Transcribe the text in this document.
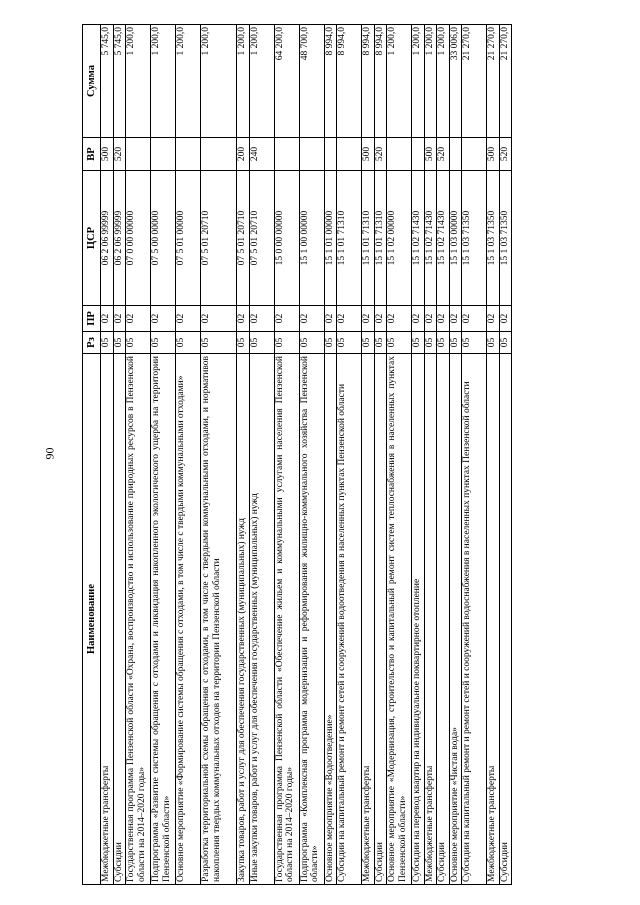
90
Наименование	Рз	ПР	ЦСР	ВР	Сумма
Межбюджетные трансферты	05	02	06 2 06 99999	500	5 745,0
Субсидии	05	02	06 2 06 99999	520	5 745,0
Государственная программа Пензенской области «Охрана, воспроизводство и использование природных ресурсов в Пензенской области на 2014–2020 годы»	05	02	07 0 00 00000		1 200,0
Подпрограмма «Развитие системы обращения с отходами и ликвидация накопленного экологического ущерба на территории Пензенской области»	05	02	07 5 00 00000		1 200,0
Основное мероприятие «Формирование системы обращения с отходами, в том числе с твердыми коммунальными отходами»	05	02	07 5 01 00000		1 200,0
Разработка территориальной схемы обращения с отходами, в том числе с твердыми коммунальными отходами, и нормативов накопления твердых коммунальных отходов на территории Пензенской области	05	02	07 5 01 20710		1 200,0
Закупка товаров, работ и услуг для обеспечения государственных (муниципальных) нужд	05	02	07 5 01 20710	200	1 200,0
Иные закупки товаров, работ и услуг для обеспечения государственных (муниципальных) нужд	05	02	07 5 01 20710	240	1 200,0
Государственная программа Пензенской области «Обеспечение жильем и коммунальными услугами населения Пензенской области на 2014–2020 годы»	05	02	15 0 00 00000		64 200,0
Подпрограмма «Комплексная программа модернизации и реформирования жилищно-коммунального хозяйства Пензенской области»	05	02	15 1 00 00000		48 700,0
Основное мероприятие «Водоотведение»	05	02	15 1 01 00000		8 994,0
Субсидии на капитальный ремонт и ремонт сетей и сооружений водоотведения в населенных пунктах Пензенской области	05	02	15 1 01 71310		8 994,0
Межбюджетные трансферты	05	02	15 1 01 71310	500	8 994,0
Субсидии	05	02	15 1 01 71310	520	8 994,0
Основное мероприятие «Модернизация, строительство и капитальный ремонт систем теплоснабжения в населенных пунктах Пензенской области»	05	02	15 1 02 00000		1 200,0
Субсидии на перевод квартир на индивидуальное поквартирное отопление	05	02	15 1 02 71430		1 200,0
Межбюджетные трансферты	05	02	15 1 02 71430	500	1 200,0
Субсидии	05	02	15 1 02 71430	520	1 200,0
Основное мероприятие «Чистая вода»	05	02	15 1 03 00000		33 006,0
Субсидии на капитальный ремонт и ремонт сетей и сооружений водоснабжения в населенных пунктах Пензенской области	05	02	15 1 03 71350		21 270,0
Межбюджетные трансферты	05	02	15 1 03 71350	500	21 270,0
Субсидии	05	02	15 1 03 71350	520	21 270,0
